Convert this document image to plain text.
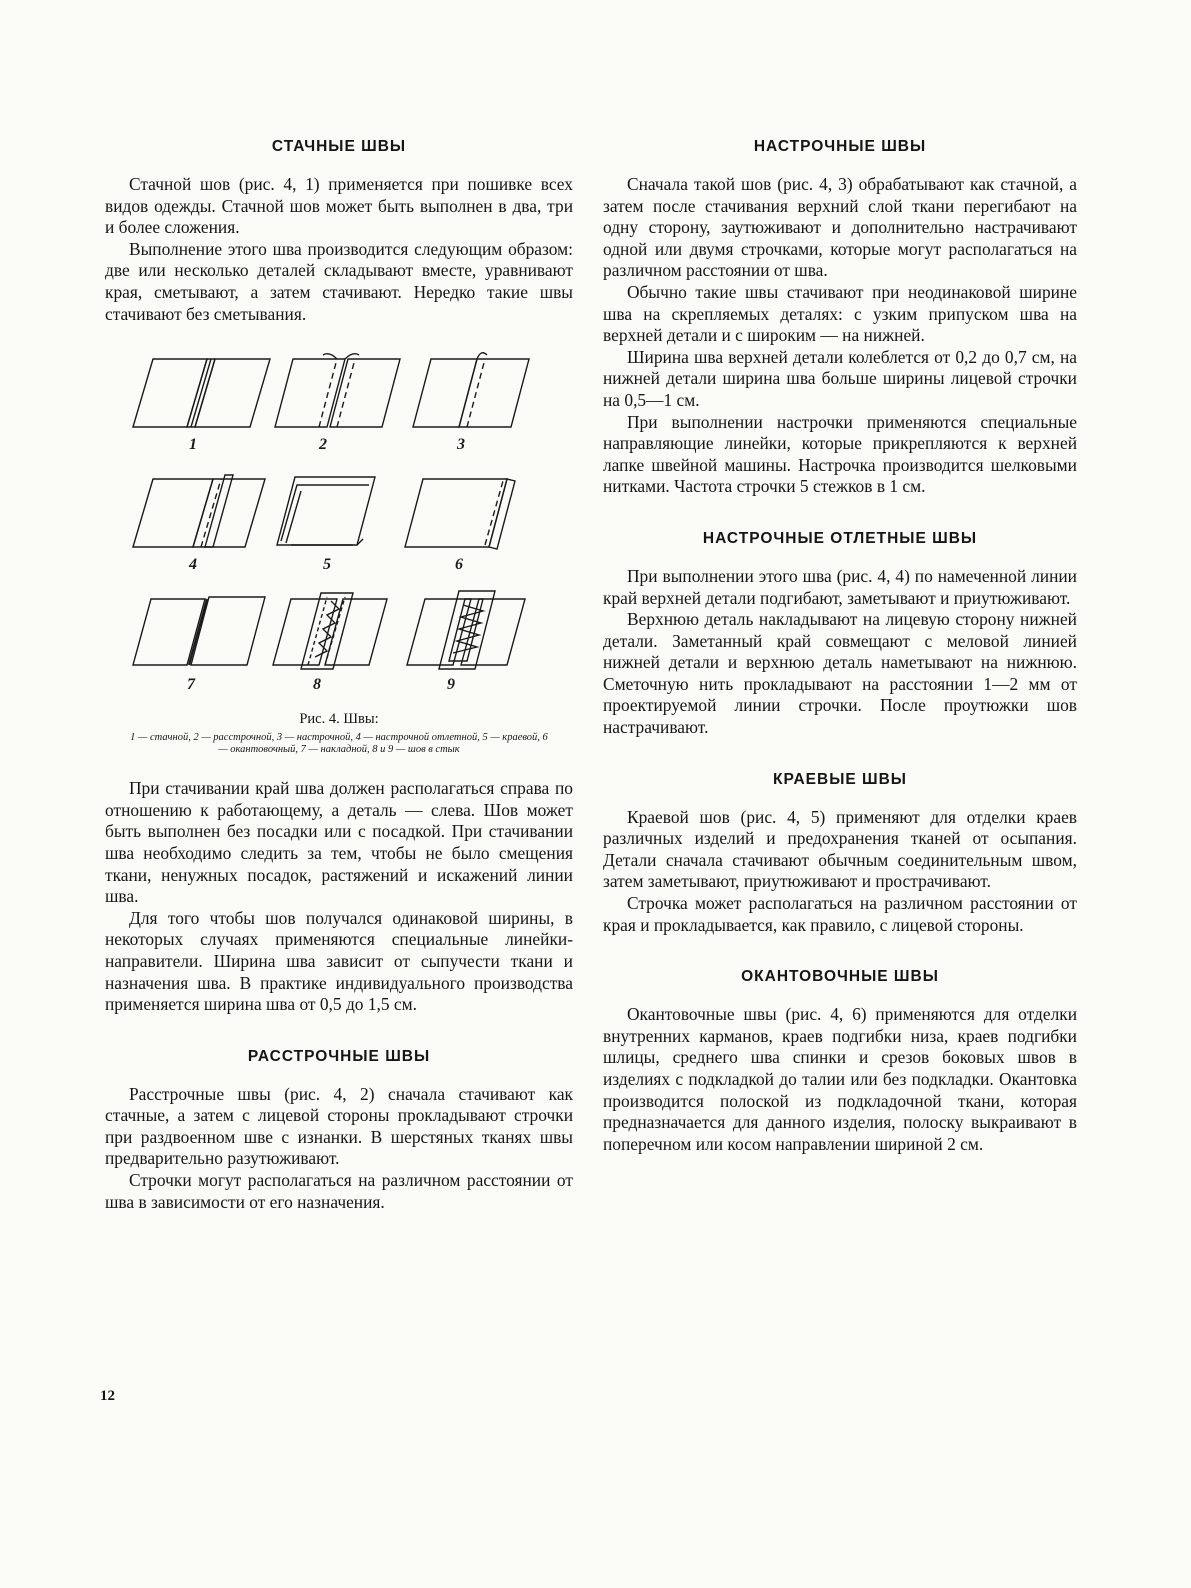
СТАЧНЫЕ ШВЫ

Стачной шов (рис. 4, 1) применяется при пошивке всех видов одежды. Стачной шов может быть выполнен в два, три и более сложения.

Выполнение этого шва производится следующим образом: две или несколько деталей складывают вместе, уравнивают края, сметывают, а затем стачивают. Нередко такие швы стачивают без сметывания.

1	2	3
4	5	6
7	8	9
Рис. 4. Швы:
1 — стачной, 2 — расстрочной, 3 — настрочной, 4 — настрочной отлетной, 5 — краевой, 6 — окантовочный, 7 — накладной, 8 и 9 — шов в стык

При стачивании край шва должен располагаться справа по отношению к работающему, а деталь — слева. Шов может быть выполнен без посадки или с посадкой. При стачивании шва необходимо следить за тем, чтобы не было смещения ткани, ненужных посадок, растяжений и искажений линии шва.

Для того чтобы шов получался одинаковой ширины, в некоторых случаях применяются специальные линейки-направители. Ширина шва зависит от сыпучести ткани и назначения шва. В практике индивидуального производства применяется ширина шва от 0,5 до 1,5 см.

РАССТРОЧНЫЕ ШВЫ

Расстрочные швы (рис. 4, 2) сначала стачивают как стачные, а затем с лицевой стороны прокладывают строчки при раздвоенном шве с изнанки. В шерстяных тканях швы предварительно разутюживают.

Строчки могут располагаться на различном расстоянии от шва в зависимости от его назначения.

НАСТРОЧНЫЕ ШВЫ

Сначала такой шов (рис. 4, 3) обрабатывают как стачной, а затем после стачивания верхний слой ткани перегибают на одну сторону, заутюживают и дополнительно настрачивают одной или двумя строчками, которые могут располагаться на различном расстоянии от шва.

Обычно такие швы стачивают при неодинаковой ширине шва на скрепляемых деталях: с узким припуском шва на верхней детали и с широким — на нижней.

Ширина шва верхней детали колеблется от 0,2 до 0,7 см, на нижней детали ширина шва больше ширины лицевой строчки на 0,5—1 см.

При выполнении настрочки применяются специальные направляющие линейки, которые прикрепляются к верхней лапке швейной машины. Настрочка производится шелковыми нитками. Частота строчки 5 стежков в 1 см.

НАСТРОЧНЫЕ ОТЛЕТНЫЕ ШВЫ

При выполнении этого шва (рис. 4, 4) по намеченной линии край верхней детали подгибают, заметывают и приутюживают.

Верхнюю деталь накладывают на лицевую сторону нижней детали. Заметанный край совмещают с меловой линией нижней детали и верхнюю деталь наметывают на нижнюю. Сметочную нить прокладывают на расстоянии 1—2 мм от проектируемой линии строчки. После проутюжки шов настрачивают.

КРАЕВЫЕ ШВЫ

Краевой шов (рис. 4, 5) применяют для отделки краев различных изделий и предохранения тканей от осыпания. Детали сначала стачивают обычным соединительным швом, затем заметывают, приутюживают и прострачивают.

Строчка может располагаться на различном расстоянии от края и прокладывается, как правило, с лицевой стороны.

ОКАНТОВОЧНЫЕ ШВЫ

Окантовочные швы (рис. 4, 6) применяются для отделки внутренних карманов, краев подгибки низа, краев подгибки шлицы, среднего шва спинки и срезов боковых швов в изделиях с подкладкой до талии или без подкладки. Окантовка производится полоской из подкладочной ткани, которая предназначается для данного изделия, полоску выкраивают в поперечном или косом направлении шириной 2 см.

12
